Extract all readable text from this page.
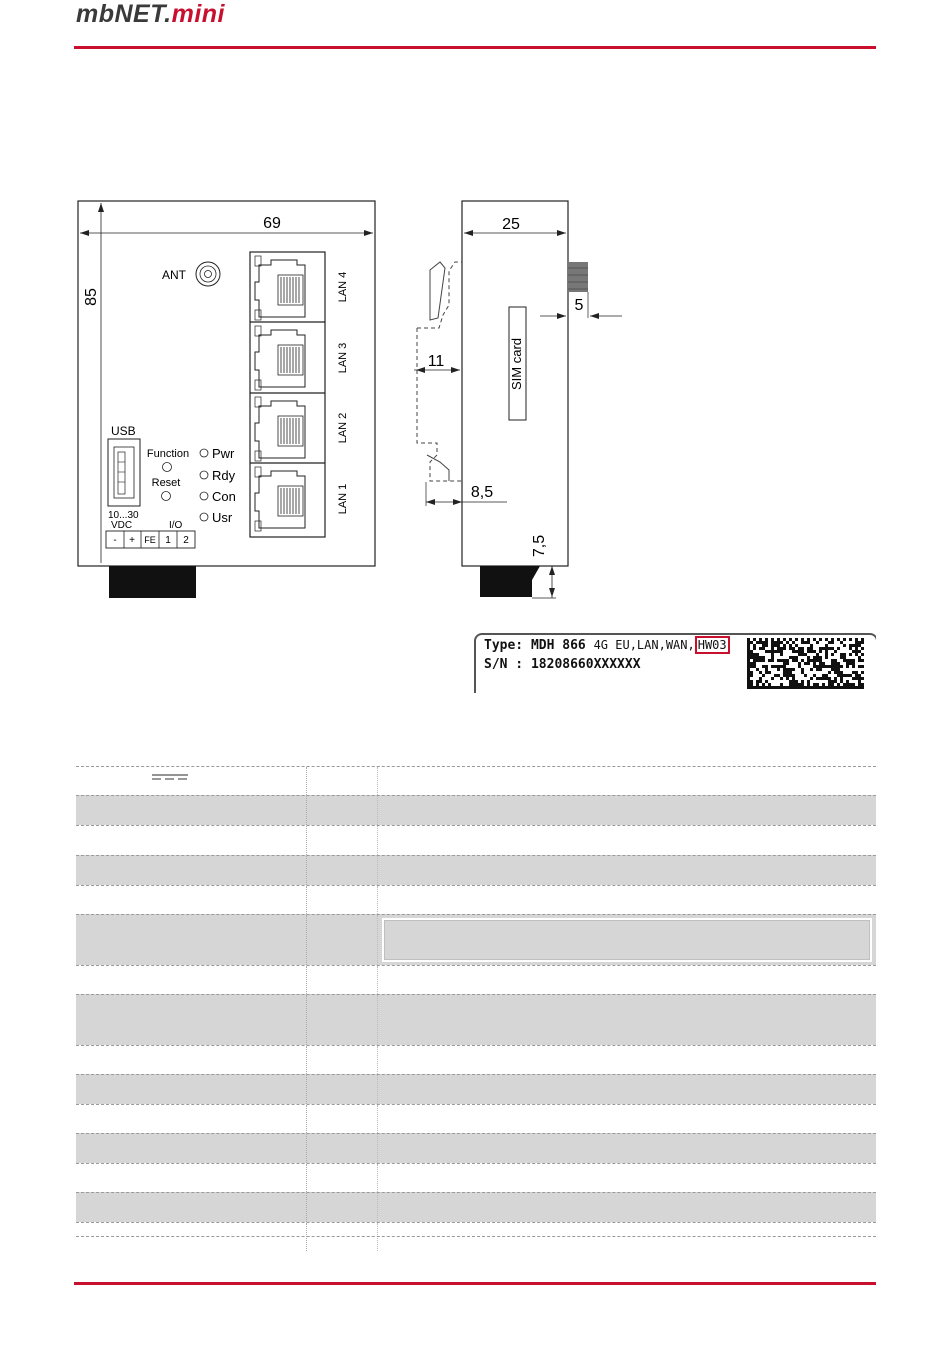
mbNET.mini
69
85
ANT	LAN 4
LAN 3
LAN 2
LAN 1
USB
Function
Reset
Pwr
Rdy
Con
Usr
10...30
VDC	I/O
- + FE 1 2
25
5
SIM card
11
8,5
7,5
Type: MDH 866 4G EU,LAN,WAN, HW03
S/N : 18208660XXXXXX
